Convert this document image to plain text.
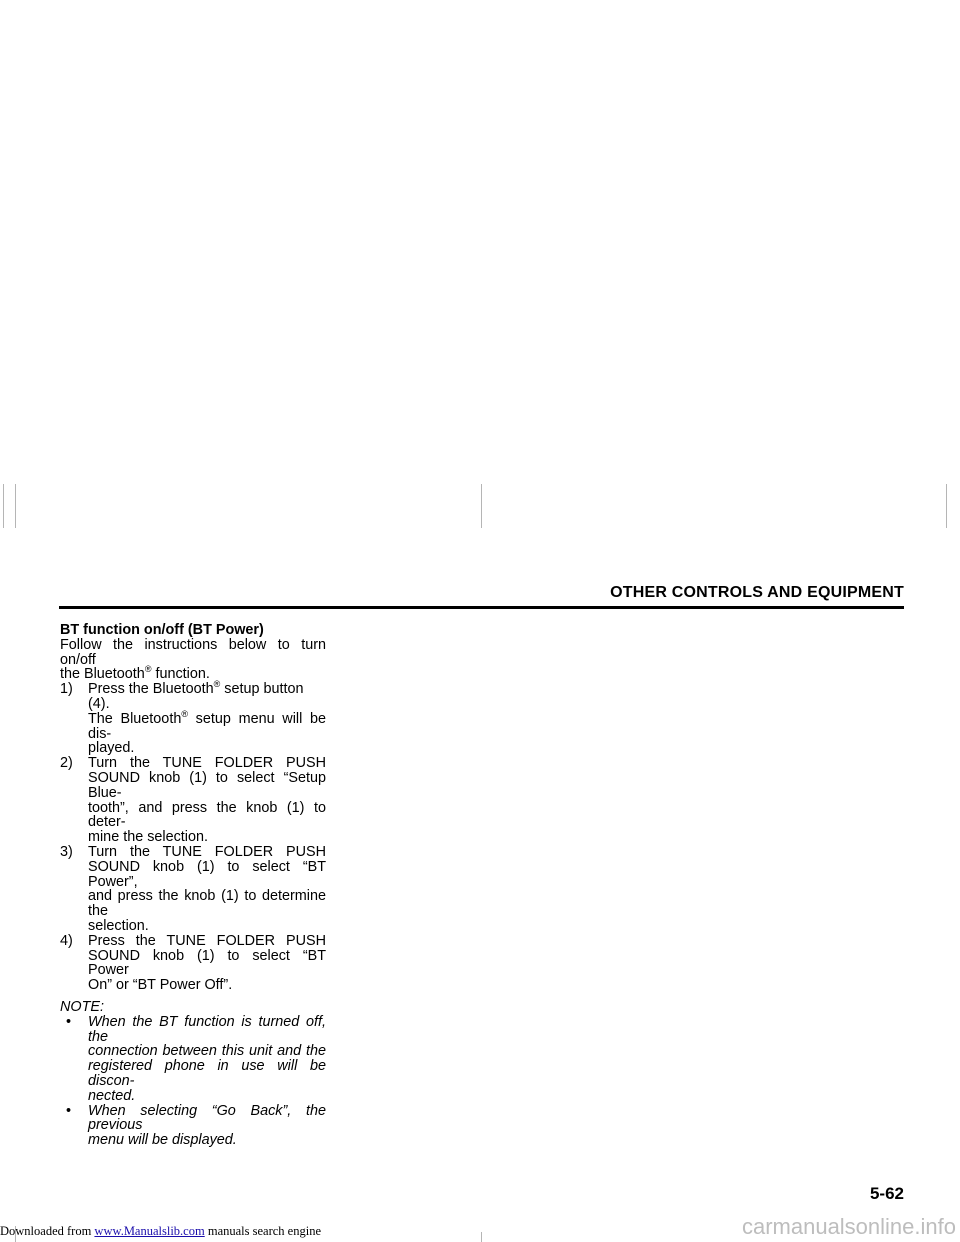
OTHER CONTROLS AND EQUIPMENT

BT function on/off (BT Power)

Follow the instructions below to turn on/off

the Bluetooth® function.

1) Press the Bluetooth® setup button (4).

The Bluetooth® setup menu will be dis-

played.

2) Turn the TUNE FOLDER PUSH

SOUND knob (1) to select “Setup Blue-

tooth”, and press the knob (1) to deter-

mine the selection.

3) Turn the TUNE FOLDER PUSH

SOUND knob (1) to select “BT Power”,

and press the knob (1) to determine the

selection.

4) Press the TUNE FOLDER PUSH

SOUND knob (1) to select “BT Power

On” or “BT Power Off”.

NOTE:

• When the BT function is turned off, the

connection between this unit and the

registered phone in use will be discon-

nected.

• When selecting “Go Back”, the previous

menu will be displayed.

5-62
Downloaded from www.Manualslib.com manuals search engine	carmanualsonline.info
